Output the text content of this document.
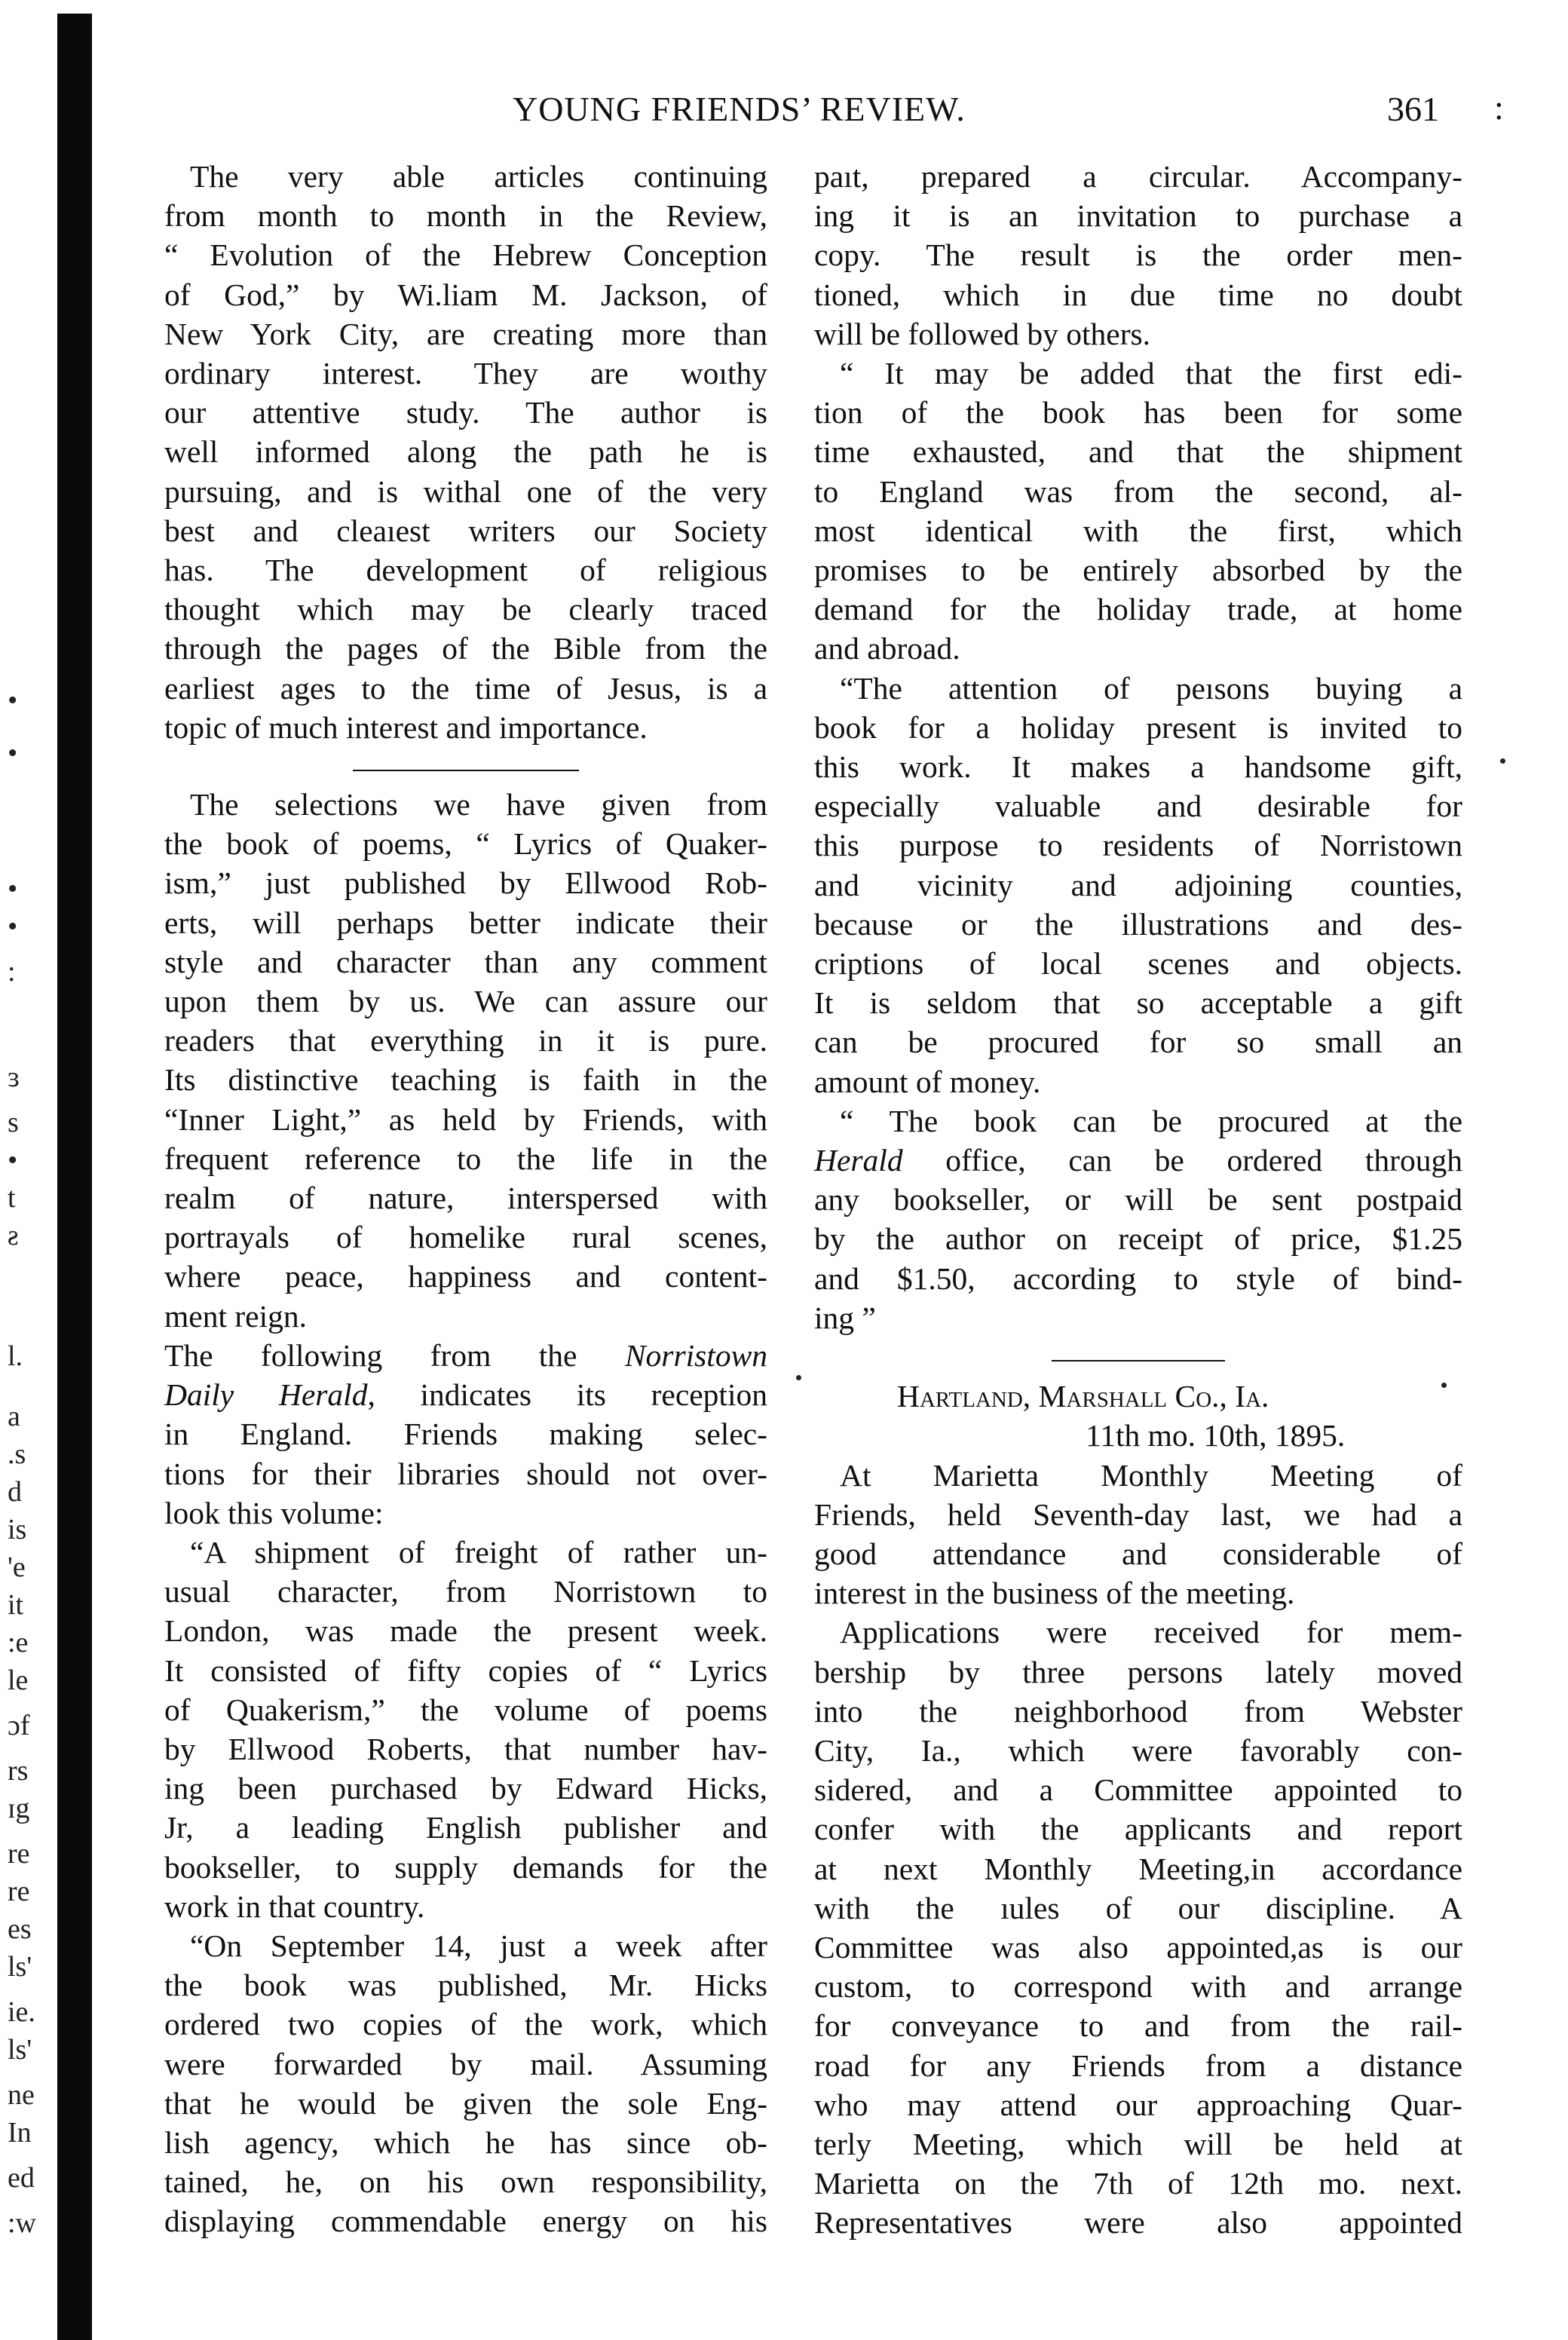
•
•
•
•
:
ɜ
s
•
t
ƨ
l.
a
.s
d
is
'e
it
:e
le
ɔf
rs
ɪg
re
re
es
ls'
ie.
ls'
ne
In
ed
:w
YOUNG FRIENDS’ REVIEW.	361 :
The very able articles continuing
from month to month in the Review,
“ Evolution of the Hebrew Conception
of God,” by Wi.liam M. Jackson, of
New York City, are creating more than
ordinary interest. They are woıthy
our attentive study. The author is
well informed along the path he is
pursuing, and is withal one of the very
best and cleaıest writers our Society
has. The development of religious
thought which may be clearly traced
through the pages of the Bible from the
earliest ages to the time of Jesus, is a
topic of much interest and importance.
The selections we have given from
the book of poems, “ Lyrics of Quaker-
ism,” just published by Ellwood Rob-
erts, will perhaps better indicate their
style and character than any comment
upon them by us. We can assure our
readers that everything in it is pure.
Its distinctive teaching is faith in the
“Inner Light,” as held by Friends, with
frequent reference to the life in the
realm of nature, interspersed with
portrayals of homelike rural scenes,
where peace, happiness and content-
ment reign.
The following from the Norristown
Daily Herald, indicates its reception
in England. Friends making selec-
tions for their libraries should not over-
look this volume:
“A shipment of freight of rather un-
usual character, from Norristown to
London, was made the present week.
It consisted of fifty copies of “ Lyrics
of Quakerism,” the volume of poems
by Ellwood Roberts, that number hav-
ing been purchased by Edward Hicks,
Jr, a leading English publisher and
bookseller, to supply demands for the
work in that country.
“On September 14, just a week after
the book was published, Mr. Hicks
ordered two copies of the work, which
were forwarded by mail. Assuming
that he would be given the sole Eng-
lish agency, which he has since ob-
tained, he, on his own responsibility,
displaying commendable energy on his
paıt, prepared a circular. Accompany-
ing it is an invitation to purchase a
copy. The result is the order men-
tioned, which in due time no doubt
will be followed by others.
“ It may be added that the first edi-
tion of the book has been for some
time exhausted, and that the shipment
to England was from the second, al-
most identical with the first, which
promises to be entirely absorbed by the
demand for the holiday trade, at home
and abroad.
“The attention of peısons buying a
book for a holiday present is invited to
this work. It makes a handsome gift,
especially valuable and desirable for
this purpose to residents of Norristown
and vicinity and adjoining counties,
because or the illustrations and des-
criptions of local scenes and objects.
It is seldom that so acceptable a gift
can be procured for so small an
amount of money.
“ The book can be procured at the
Herald office, can be ordered through
any bookseller, or will be sent postpaid
by the author on receipt of price, $1.25
and $1.50, according to style of bind-
ing ”
Hartland, Marshall Co., Ia.
11th mo. 10th, 1895.
At Marietta Monthly Meeting of
Friends, held Seventh-day last, we had a
good attendance and considerable of
interest in the business of the meeting.
Applications were received for mem-
bership by three persons lately moved
into the neighborhood from Webster
City, Ia., which were favorably con-
sidered, and a Committee appointed to
confer with the applicants and report
at next Monthly Meeting,in accordance
with the ıules of our discipline. A
Committee was also appointed,as is our
custom, to correspond with and arrange
for conveyance to and from the rail-
road for any Friends from a distance
who may attend our approaching Quar-
terly Meeting, which will be held at
Marietta on the 7th of 12th mo. next.
Representatives were also appointed
